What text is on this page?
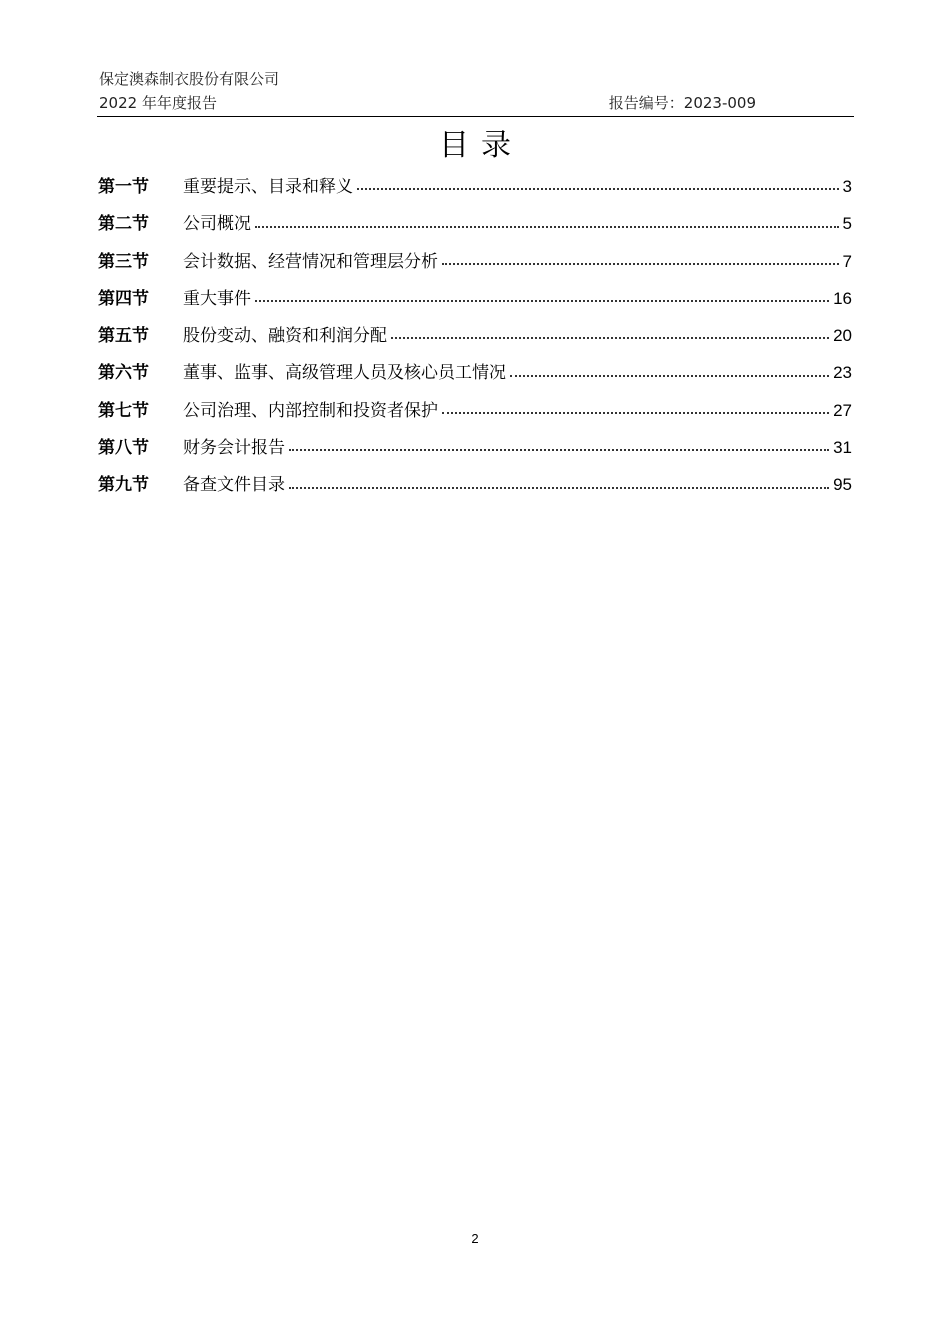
保定澳森制衣股份有限公司
2022 年年度报告	报告编号：2023-009
目录
第一节	重要提示、目录和释义	3
第二节	公司概况	5
第三节	会计数据、经营情况和管理层分析	7
第四节	重大事件	16
第五节	股份变动、融资和利润分配	20
第六节	董事、监事、高级管理人员及核心员工情况	23
第七节	公司治理、内部控制和投资者保护	27
第八节	财务会计报告	31
第九节	备查文件目录	95
2
